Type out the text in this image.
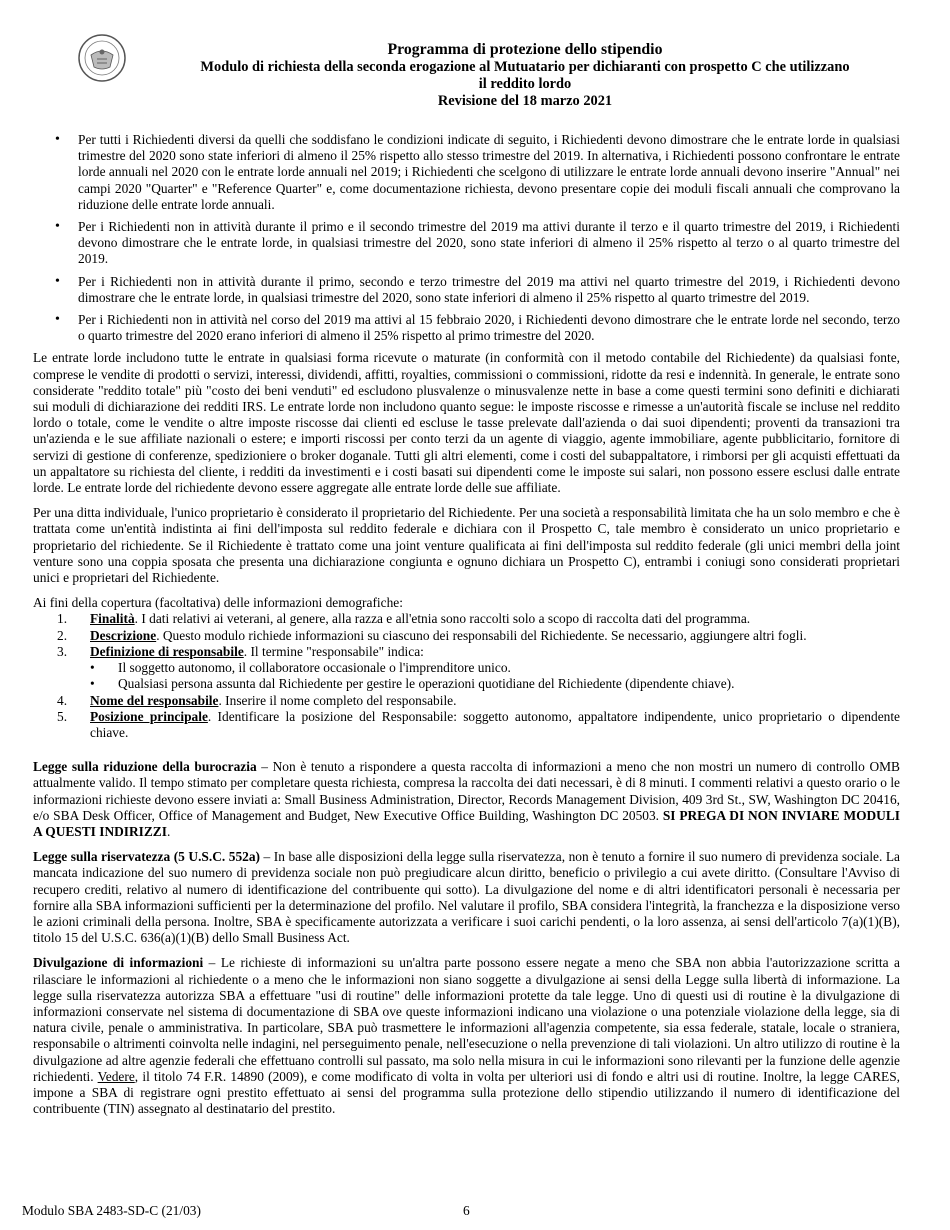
Programma di protezione dello stipendio
Modulo di richiesta della seconda erogazione al Mutuatario per dichiaranti con prospetto C che utilizzano
il reddito lordo
Revisione del 18 marzo 2021
• Per tutti i Richiedenti diversi da quelli che soddisfano le condizioni indicate di seguito, i Richiedenti devono dimostrare che le entrate lorde in qualsiasi trimestre del 2020 sono state inferiori di almeno il 25% rispetto allo stesso trimestre del 2019. In alternativa, i Richiedenti possono confrontare le entrate lorde annuali nel 2020 con le entrate lorde annuali nel 2019; i Richiedenti che scelgono di utilizzare le entrate lorde annuali devono inserire "Annual" nei campi 2020 "Quarter" e "Reference Quarter" e, come documentazione richiesta, devono presentare copie dei moduli fiscali annuali che comprovano la riduzione delle entrate lorde annuali.
• Per i Richiedenti non in attività durante il primo e il secondo trimestre del 2019 ma attivi durante il terzo e il quarto trimestre del 2019, i Richiedenti devono dimostrare che le entrate lorde, in qualsiasi trimestre del 2020, sono state inferiori di almeno il 25% rispetto al terzo o al quarto trimestre del 2019.
• Per i Richiedenti non in attività durante il primo, secondo e terzo trimestre del 2019 ma attivi nel quarto trimestre del 2019, i Richiedenti devono dimostrare che le entrate lorde, in qualsiasi trimestre del 2020, sono state inferiori di almeno il 25% rispetto al quarto trimestre del 2019.
• Per i Richiedenti non in attività nel corso del 2019 ma attivi al 15 febbraio 2020, i Richiedenti devono dimostrare che le entrate lorde nel secondo, terzo o quarto trimestre del 2020 erano inferiori di almeno il 25% rispetto al primo trimestre del 2020.

Le entrate lorde includono tutte le entrate in qualsiasi forma ricevute o maturate (in conformità con il metodo contabile del Richiedente) da qualsiasi fonte, comprese le vendite di prodotti o servizi, interessi, dividendi, affitti, royalties, commissioni o commissioni, ridotte da resi e indennità. In generale, le entrate sono considerate "reddito totale" più "costo dei beni venduti" ed escludono plusvalenze o minusvalenze nette in base a come questi termini sono definiti e dichiarati sui moduli di dichiarazione dei redditi IRS. Le entrate lorde non includono quanto segue: le imposte riscosse e rimesse a un'autorità fiscale se incluse nel reddito lordo o totale, come le vendite o altre imposte riscosse dai clienti ed escluse le tasse prelevate dall'azienda o dai suoi dipendenti; proventi da transazioni tra un'azienda e le sue affiliate nazionali o estere; e importi riscossi per conto terzi da un agente di viaggio, agente immobiliare, agente pubblicitario, fornitore di servizi di gestione di conferenze, spedizioniere o broker doganale. Tutti gli altri elementi, come i costi del subappaltatore, i rimborsi per gli acquisti effettuati da un appaltatore su richiesta del cliente, i redditi da investimenti e i costi basati sui dipendenti come le imposte sui salari, non possono essere esclusi dalle entrate lorde. Le entrate lorde del richiedente devono essere aggregate alle entrate lorde delle sue affiliate.

Per una ditta individuale, l'unico proprietario è considerato il proprietario del Richiedente. Per una società a responsabilità limitata che ha un solo membro e che è trattata come un'entità indistinta ai fini dell'imposta sul reddito federale e dichiara con il Prospetto C, tale membro è considerato un unico proprietario e proprietario del richiedente. Se il Richiedente è trattato come una joint venture qualificata ai fini dell'imposta sul reddito federale (gli unici membri della joint venture sono una coppia sposata che presenta una dichiarazione congiunta e ognuno dichiara un Prospetto C), entrambi i coniugi sono considerati proprietari unici e proprietari del Richiedente.

Ai fini della copertura (facoltativa) delle informazioni demografiche:
1. Finalità. I dati relativi ai veterani, al genere, alla razza e all'etnia sono raccolti solo a scopo di raccolta dati del programma.
2. Descrizione. Questo modulo richiede informazioni su ciascuno dei responsabili del Richiedente. Se necessario, aggiungere altri fogli.
3. Definizione di responsabile. Il termine "responsabile" indica:
• Il soggetto autonomo, il collaboratore occasionale o l'imprenditore unico.
• Qualsiasi persona assunta dal Richiedente per gestire le operazioni quotidiane del Richiedente (dipendente chiave).
4. Nome del responsabile. Inserire il nome completo del responsabile.
5. Posizione principale. Identificare la posizione del Responsabile: soggetto autonomo, appaltatore indipendente, unico proprietario o dipendente chiave.

Legge sulla riduzione della burocrazia – Non è tenuto a rispondere a questa raccolta di informazioni a meno che non mostri un numero di controllo OMB attualmente valido. Il tempo stimato per completare questa richiesta, compresa la raccolta dei dati necessari, è di 8 minuti. I commenti relativi a questo orario o le informazioni richieste devono essere inviati a: Small Business Administration, Director, Records Management Division, 409 3rd St., SW, Washington DC 20416, e/o SBA Desk Officer, Office of Management and Budget, New Executive Office Building, Washington DC 20503. SI PREGA DI NON INVIARE MODULI A QUESTI INDIRIZZI.

Legge sulla riservatezza (5 U.S.C. 552a) – In base alle disposizioni della legge sulla riservatezza, non è tenuto a fornire il suo numero di previdenza sociale. La mancata indicazione del suo numero di previdenza sociale non può pregiudicare alcun diritto, beneficio o privilegio a cui avete diritto. (Consultare l'Avviso di recupero crediti, relativo al numero di identificazione del contribuente qui sotto). La divulgazione del nome e di altri identificatori personali è necessaria per fornire alla SBA informazioni sufficienti per la determinazione del profilo. Nel valutare il profilo, SBA considera l'integrità, la franchezza e la disposizione verso le azioni criminali della persona. Inoltre, SBA è specificamente autorizzata a verificare i suoi carichi pendenti, o la loro assenza, ai sensi dell'articolo 7(a)(1)(B), titolo 15 del U.S.C. 636(a)(1)(B) dello Small Business Act.

Divulgazione di informazioni – Le richieste di informazioni su un'altra parte possono essere negate a meno che SBA non abbia l'autorizzazione scritta a rilasciare le informazioni al richiedente o a meno che le informazioni non siano soggette a divulgazione ai sensi della Legge sulla libertà di informazione. La legge sulla riservatezza autorizza SBA a effettuare "usi di routine" delle informazioni protette da tale legge. Uno di questi usi di routine è la divulgazione di informazioni conservate nel sistema di documentazione di SBA ove queste informazioni indicano una violazione o una potenziale violazione della legge, sia di natura civile, penale o amministrativa. In particolare, SBA può trasmettere le informazioni all'agenzia competente, sia essa federale, statale, locale o straniera, responsabile o altrimenti coinvolta nelle indagini, nel perseguimento penale, nell'esecuzione o nella prevenzione di tali violazioni. Un altro utilizzo di routine è la divulgazione ad altre agenzie federali che effettuano controlli sul passato, ma solo nella misura in cui le informazioni sono rilevanti per la funzione delle agenzie richiedenti. Vedere, il titolo 74 F.R. 14890 (2009), e come modificato di volta in volta per ulteriori usi di fondo e altri usi di routine. Inoltre, la legge CARES, impone a SBA di registrare ogni prestito effettuato ai sensi del programma sulla protezione dello stipendio utilizzando il numero di identificazione del contribuente (TIN) assegnato al destinatario del prestito.

Modulo SBA 2483-SD-C (21/03)	6
